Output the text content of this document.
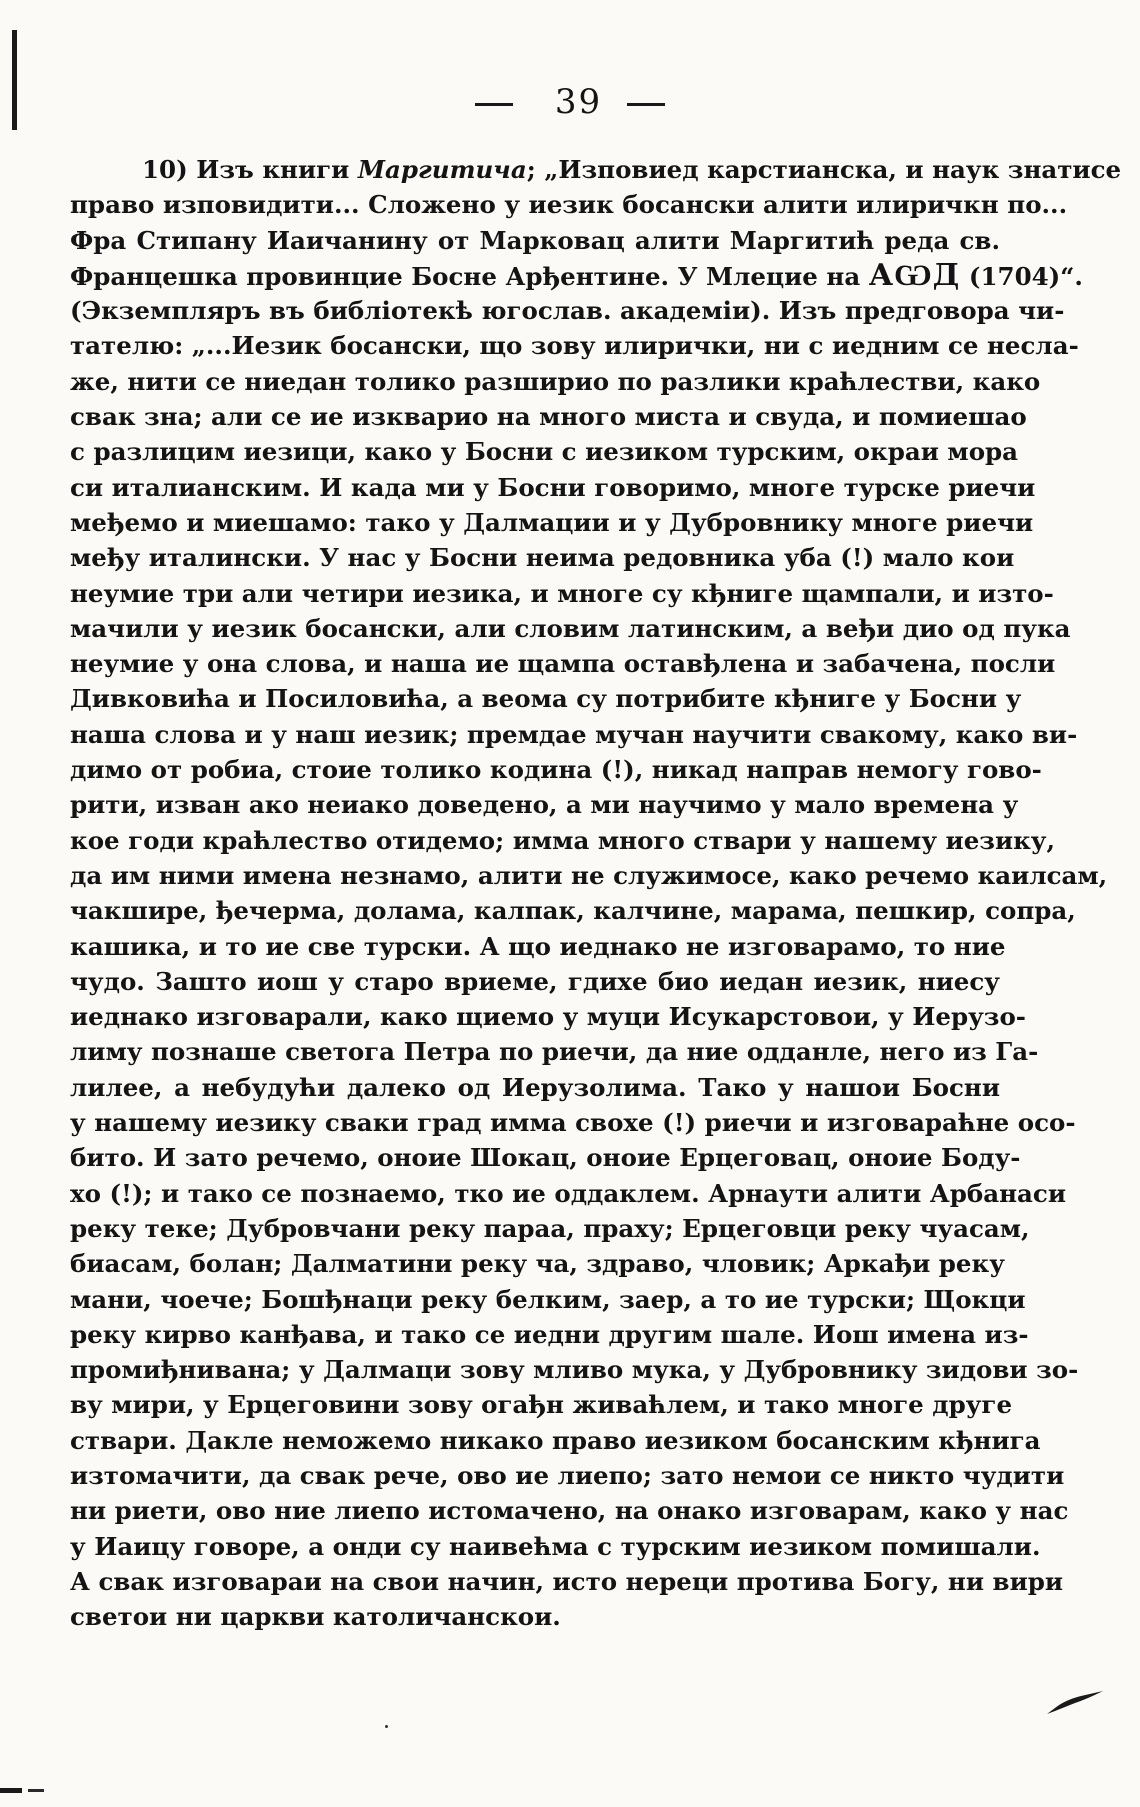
39
10) Изъ книги Маргитича; „Изповиед карстианска, и наук знатисе
право изповидити... Сложено у иезик босански алити илиричкн по...
Фра Стипану Иаичанину от Марковац алити Маргитић реда св.
Францешка провинцие Босне Арђентине. У Млецие на АѠД (1704)“.
(Экземпляръ въ библіотекѣ югослав. академіи). Изъ предговора чи-
тателю: „...Иезик босански, що зову илирички, ни с иедним се несла-
же, нити се ниедан толико разширио по разлики краћлестви, како
свак зна; али се ие изкварио на много миста и свуда, и помиешао
с разлицим иезици, како у Босни с иезиком турским, окраи мора
си италианским. И када ми у Босни говоримо, многе турске риечи
међемо и миешамо: тако у Далмации и у Дубровнику многе риечи
међу италински. У нас у Босни неима редовника уба (!) мало кои
неумие три али четири иезика, и многе су кђниге щампали, и изто-
мачили у иезик босански, али словим латинским, а веђи дио од пука
неумие у она слова, и наша ие щампа оставђлена и забачена, посли
Дивковића и Посиловића, а веома су потрибите кђниге у Босни у
наша слова и у наш иезик; премдае мучан научити свакому, како ви-
димо от робиа, стоие толико кодина (!), никад направ немогу гово-
рити, изван ако неиако доведено, а ми научимо у мало времена у
кое годи краћлество отидемо; имма много ствари у нашему иезику,
да им ними имена незнамо, алити не служимосе, како речемо каилсам,
чакшире, ђечерма, долама, калпак, калчине, марама, пешкир, сопра,
кашика, и то ие све турски. А що иеднако не изговарамо, то ние
чудо. Зашто иош у старо вриеме, гдихе био иедан иезик, ниесу
иеднако изговарали, како щиемо у муци Исукарстовои, у Иерузо-
лиму познаше светога Петра по риечи, да ние одданле, него из Га-
лилее, а небудући далеко од Иерузолима. Тако у нашои Босни
у нашему иезику сваки град имма свохе (!) риечи и изговараћне осо-
бито. И зато речемо, онoие Шокац, онoие Ерцеговац, онoие Боду-
хо (!); и тако се познаемо, тко ие оддаклем. Арнаути алити Арбанаси
реку теке; Дубровчани реку параа, праху; Ерцеговци реку чуасам,
биасам, болан; Далматини реку ча, здраво, чловик; Аркађи реку
мани, чоече; Бошђнаци реку белким, заер, а то ие турски; Щокци
реку кирво канђава, и тако се иедни другим шале. Иош имена из-
промиђнивана; у Далмаци зову мливо мука, у Дубровнику зидови зо-
ву мири, у Ерцеговини зову огађн живаћлем, и тако многе друге
ствари. Дакле неможемо никако право иезиком босанским кђнига
изтомачити, да свак рече, ово ие лиепо; зато немои се никто чудити
ни риети, ово ние лиепо истомачено, на онако изговарам, како у нас
у Иаицу говоре, а онди су наивећма с турским иезиком помишали.
А свак изговараи на свои начин, исто нереци противa Богу, ни вири
светои ни царкви католичанскои.
